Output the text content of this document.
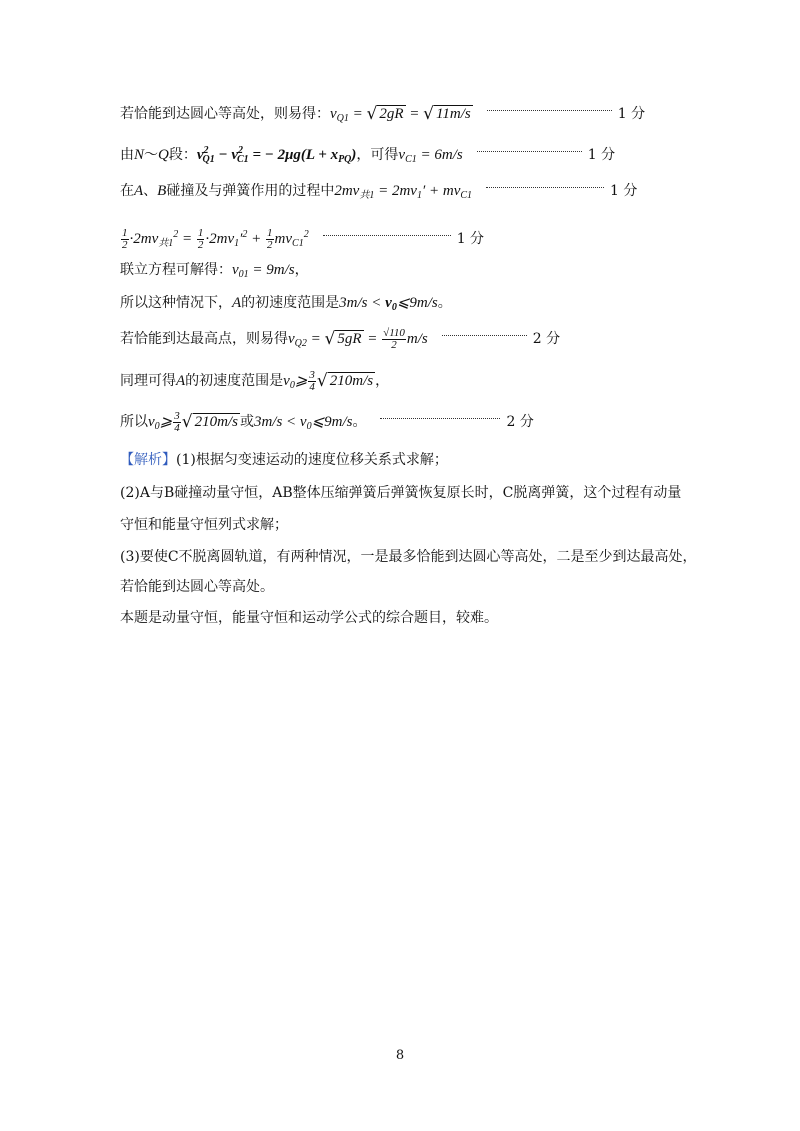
若恰能到达圆心等高处，则易得：$v_{Q1}$ = √ 2gR = √ 11m/s	1 分
由N～Q段：$v^2_{Q1} - v^2_{C1}$ = − $2\mu g(L + x_{PQ})$，可得$v_{C1} = 6m/s$	1 分
在A、B碰撞及与弹簧作用的过程中$2mv_{共1} = 2mv_1' + mv_{C1}$	1 分
$\frac{1}{2} \cdot 2mv_{共1}^2 = \frac{1}{2} \cdot 2mv_1'^2 + \frac{1}{2} mv_{C1}^2$	1 分
联立方程可解得：$v_{01} = 9m/s$，
所以这种情况下，A的初速度范围是$3m/s < v_0⩽9m/s$。
若恰能到达最高点，则易得$v_{Q2}$ = √ $5gR = \frac{√110}{2} m/s$	2 分
同理可得A的初速度范围是$v_0⩾ \frac{3}{4}$ √ 210m/s ，
所以$v_0⩾ \frac{3}{4}$ √ 210m/s 或$3m/s < v_0⩽9m/s$。	2 分
【解析】(1)根据匀变速运动的速度位移关系式求解；
(2)A与B碰撞动量守恒，AB整体压缩弹簧后弹簧恢复原长时，C脱离弹簧，这个过程有动量
守恒和能量守恒列式求解；
(3)要使C不脱离圆轨道，有两种情况，一是最多恰能到达圆心等高处，二是至少到达最高处，
若恰能到达圆心等高处。
本题是动量守恒，能量守恒和运动学公式的综合题目，较难。
8
